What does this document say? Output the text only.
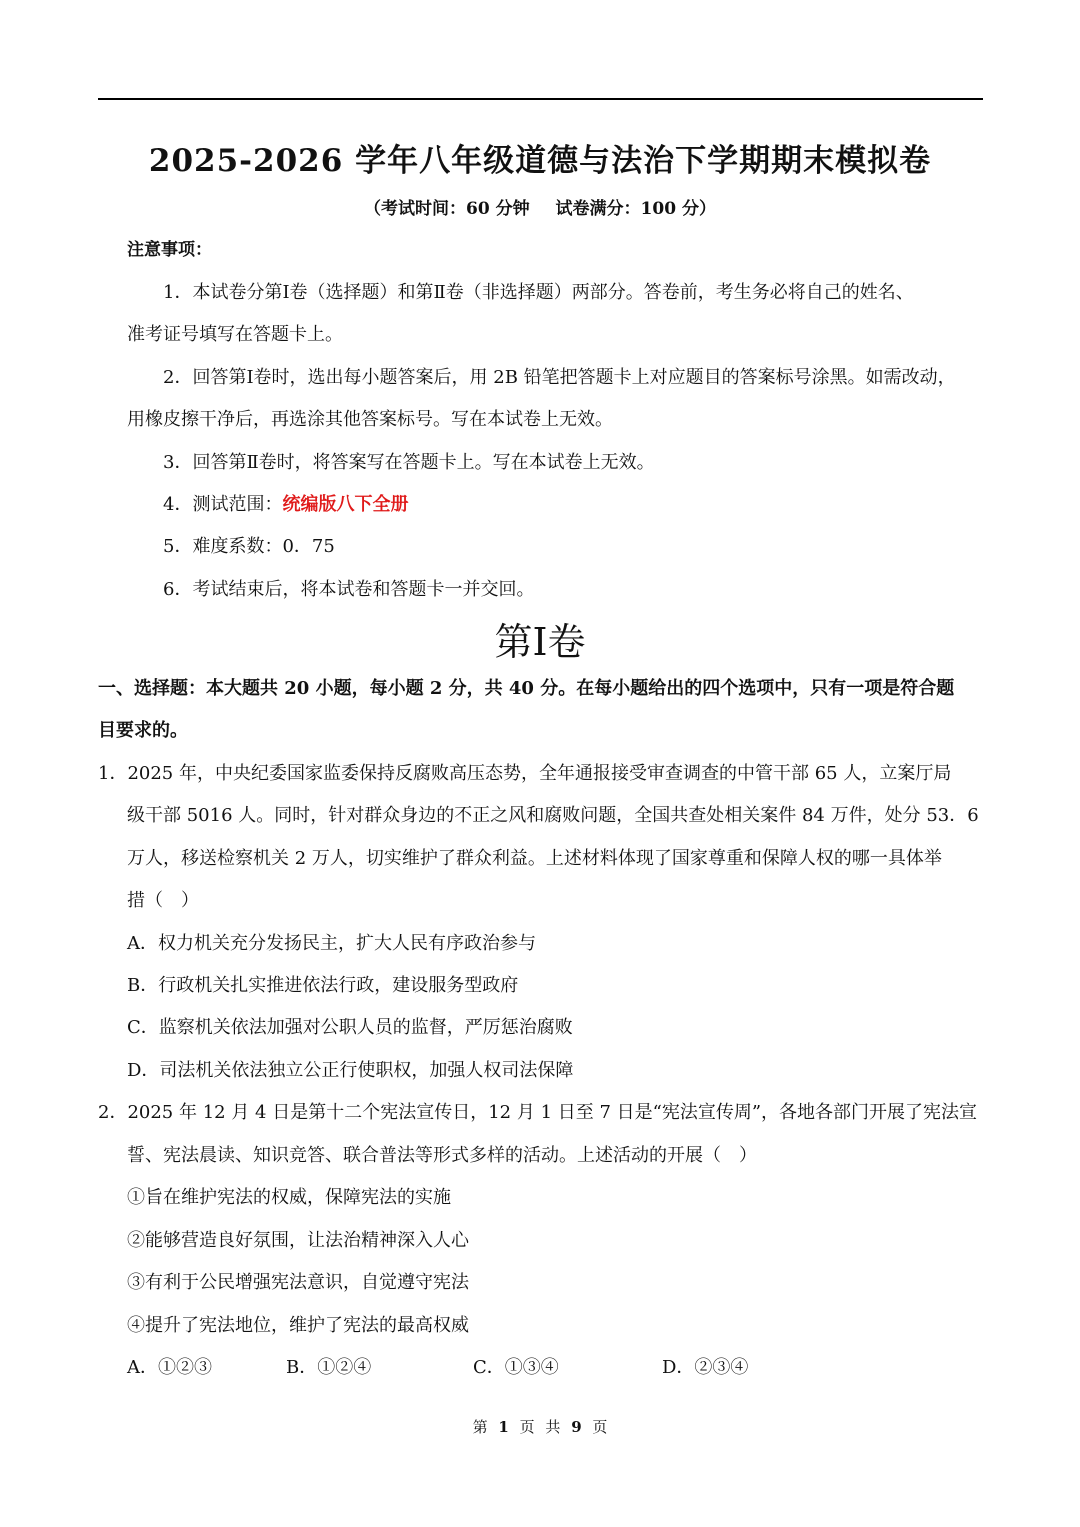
2025-2026 学年八年级道德与法治下学期期末模拟卷
（考试时间：60 分钟 试卷满分：100 分）
注意事项：
1．本试卷分第Ⅰ卷（选择题）和第Ⅱ卷（非选择题）两部分。答卷前，考生务必将自己的姓名、
准考证号填写在答题卡上。
2．回答第Ⅰ卷时，选出每小题答案后，用 2B 铅笔把答题卡上对应题目的答案标号涂黑。如需改动，
用橡皮擦干净后，再选涂其他答案标号。写在本试卷上无效。
3．回答第Ⅱ卷时，将答案写在答题卡上。写在本试卷上无效。
4．测试范围：统编版八下全册
5．难度系数：0．75
6．考试结束后，将本试卷和答题卡一并交回。
第Ⅰ卷
一、选择题：本大题共 20 小题，每小题 2 分，共 40 分。在每小题给出的四个选项中，只有一项是符合题
目要求的。
1．2025 年，中央纪委国家监委保持反腐败高压态势，全年通报接受审查调查的中管干部 65 人，立案厅局
级干部 5016 人。同时，针对群众身边的不正之风和腐败问题，全国共查处相关案件 84 万件，处分 53．6
万人，移送检察机关 2 万人，切实维护了群众利益。上述材料体现了国家尊重和保障人权的哪一具体举
措（　）
A．权力机关充分发扬民主，扩大人民有序政治参与
B．行政机关扎实推进依法行政，建设服务型政府
C．监察机关依法加强对公职人员的监督，严厉惩治腐败
D．司法机关依法独立公正行使职权，加强人权司法保障
2．2025 年 12 月 4 日是第十二个宪法宣传日，12 月 1 日至 7 日是“宪法宣传周”，各地各部门开展了宪法宣
誓、宪法晨读、知识竞答、联合普法等形式多样的活动。上述活动的开展（　）
①旨在维护宪法的权威，保障宪法的实施
②能够营造良好氛围，让法治精神深入人心
③有利于公民增强宪法意识，自觉遵守宪法
④提升了宪法地位，维护了宪法的最高权威
A．①②③	B．①②④	C．①③④	D．②③④
第 1 页 共 9 页
